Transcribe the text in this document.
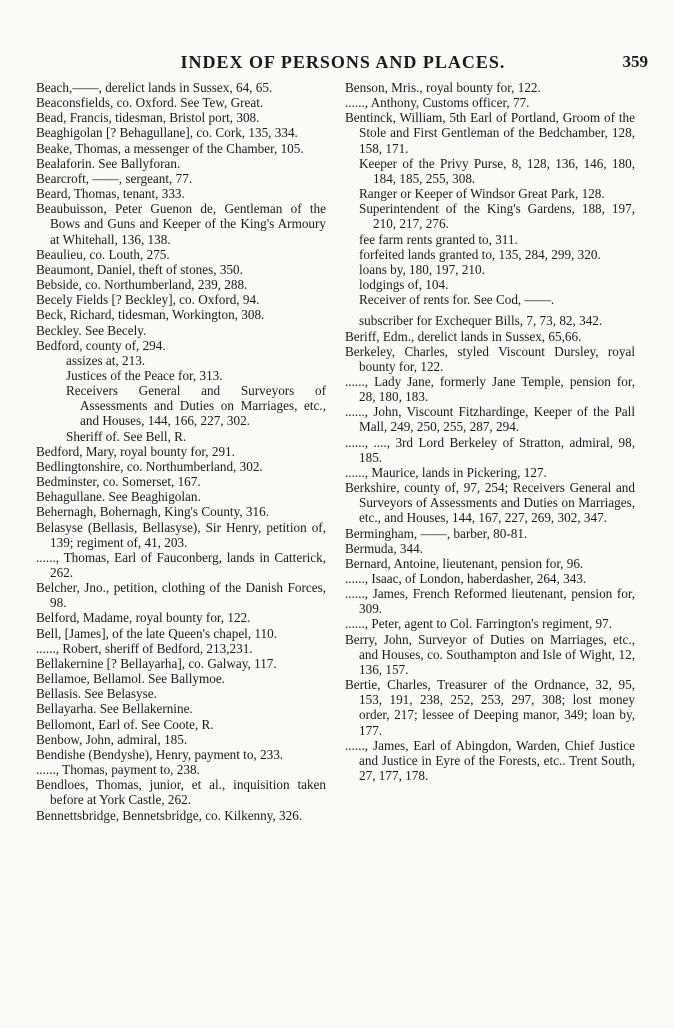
INDEX OF PERSONS AND PLACES.	359

Beach,——, derelict lands in Sussex, 64, 65.

Beaconsfields, co. Oxford. See Tew, Great.

Bead, Francis, tidesman, Bristol port, 308.

Beaghigolan [? Behagullane], co. Cork, 135, 334.

Beake, Thomas, a messenger of the Chamber, 105.

Bealaforin. See Ballyforan.

Bearcroft, ——, sergeant, 77.

Beard, Thomas, tenant, 333.

Beaubuisson, Peter Guenon de, Gentleman of the Bows and Guns and Keeper of the King's Armoury at Whitehall, 136, 138.

Beaulieu, co. Louth, 275.

Beaumont, Daniel, theft of stones, 350.

Bebside, co. Northumberland, 239, 288.

Becely Fields [? Beckley], co. Oxford, 94.

Beck, Richard, tidesman, Workington, 308.

Beckley. See Becely.

Bedford, county of, 294.

assizes at, 213.

Justices of the Peace for, 313.

Receivers General and Surveyors of Assessments and Duties on Marriages, etc., and Houses, 144, 166, 227, 302.

Sheriff of. See Bell, R.

Bedford, Mary, royal bounty for, 291.

Bedlingtonshire, co. Northumberland, 302.

Bedminster, co. Somerset, 167.

Behagullane. See Beaghigolan.

Behernagh, Bohernagh, King's County, 316.

Belasyse (Bellasis, Bellasyse), Sir Henry, petition of, 139; regiment of, 41, 203.

......, Thomas, Earl of Fauconberg, lands in Catterick, 262.

Belcher, Jno., petition, clothing of the Danish Forces, 98.

Belford, Madame, royal bounty for, 122.

Bell, [James], of the late Queen's chapel, 110.

......, Robert, sheriff of Bedford, 213,231.

Bellakernine [? Bellayarha], co. Galway, 117.

Bellamoe, Bellamol. See Ballymoe.

Bellasis. See Belasyse.

Bellayarha. See Bellakernine.

Bellomont, Earl of. See Coote, R.

Benbow, John, admiral, 185.

Bendishe (Bendyshe), Henry, payment to, 233.

......, Thomas, payment to, 238.

Bendloes, Thomas, junior, et al., inquisition taken before at York Castle, 262.

Bennettsbridge, Bennetsbridge, co. Kilkenny, 326.

Benson, Mris., royal bounty for, 122.

......, Anthony, Customs officer, 77.

Bentinck, William, 5th Earl of Portland, Groom of the Stole and First Gentleman of the Bedchamber, 128, 158, 171.

Keeper of the Privy Purse, 8, 128, 136, 146, 180, 184, 185, 255, 308.

Ranger or Keeper of Windsor Great Park, 128.

Superintendent of the King's Gardens, 188, 197, 210, 217, 276.

fee farm rents granted to, 311.

forfeited lands granted to, 135, 284, 299, 320.

loans by, 180, 197, 210.

lodgings of, 104.

Receiver of rents for. See Cod, ——.

subscriber for Exchequer Bills, 7, 73, 82, 342.

Beriff, Edm., derelict lands in Sussex, 65,66.

Berkeley, Charles, styled Viscount Dursley, royal bounty for, 122.

......, Lady Jane, formerly Jane Temple, pension for, 28, 180, 183.

......, John, Viscount Fitzhardinge, Keeper of the Pall Mall, 249, 250, 255, 287, 294.

......, ...., 3rd Lord Berkeley of Stratton, admiral, 98, 185.

......, Maurice, lands in Pickering, 127.

Berkshire, county of, 97, 254; Receivers General and Surveyors of Assessments and Duties on Marriages, etc., and Houses, 144, 167, 227, 269, 302, 347.

Bermingham, ——, barber, 80-81.

Bermuda, 344.

Bernard, Antoine, lieutenant, pension for, 96.

......, Isaac, of London, haberdasher, 264, 343.

......, James, French Reformed lieutenant, pension for, 309.

......, Peter, agent to Col. Farrington's regiment, 97.

Berry, John, Surveyor of Duties on Marriages, etc., and Houses, co. Southampton and Isle of Wight, 12, 136, 157.

Bertie, Charles, Treasurer of the Ordnance, 32, 95, 153, 191, 238, 252, 253, 297, 308; lost money order, 217; lessee of Deeping manor, 349; loan by, 177.

......, James, Earl of Abingdon, Warden, Chief Justice and Justice in Eyre of the Forests, etc.. Trent South, 27, 177, 178.
